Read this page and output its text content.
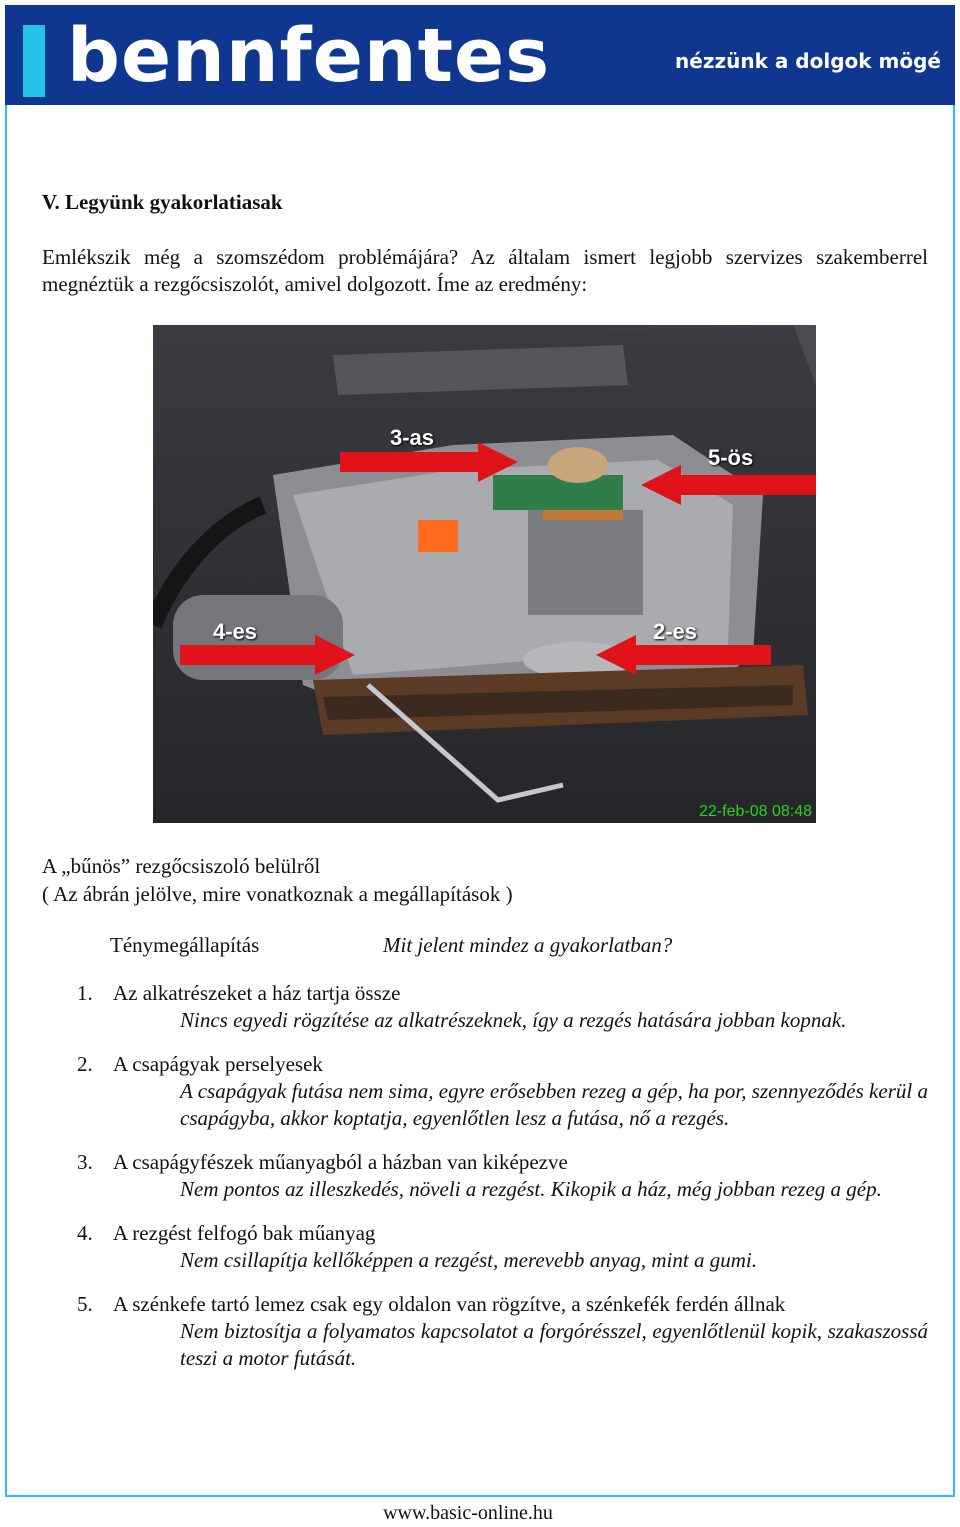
bennfentes	nézzünk a dolgok mögé
V. Legyünk gyakorlatiasak
Emlékszik még a szomszédom problémájára? Az általam ismert legjobb szervizes szakemberrel megnéztük a rezgőcsiszolót, amivel dolgozott. Íme az eredmény:
3-as
5-ös
4-es	2-es
22-feb-08 08:48
A „bűnös” rezgőcsiszoló belülről
( Az ábrán jelölve, mire vonatkoznak a megállapítások )
Ténymegállapítás	Mit jelent mindez a gyakorlatban?
1. Az alkatrészeket a ház tartja össze
Nincs egyedi rögzítése az alkatrészeknek, így a rezgés hatására jobban kopnak.
2. A csapágyak perselyesek
A csapágyak futása nem sima, egyre erősebben rezeg a gép, ha por, szennyeződés kerül a csapágyba, akkor koptatja, egyenlőtlen lesz a futása, nő a rezgés.
3. A csapágyfészek műanyagból a házban van kiképezve
Nem pontos az illeszkedés, növeli a rezgést. Kikopik a ház, még jobban rezeg a gép.
4. A rezgést felfogó bak műanyag
Nem csillapítja kellőképpen a rezgést, merevebb anyag, mint a gumi.
5. A szénkefe tartó lemez csak egy oldalon van rögzítve, a szénkefék ferdén állnak
Nem biztosítja a folyamatos kapcsolatot a forgórésszel, egyenlőtlenül kopik, szakaszossá teszi a motor futását.
www.basic-online.hu
